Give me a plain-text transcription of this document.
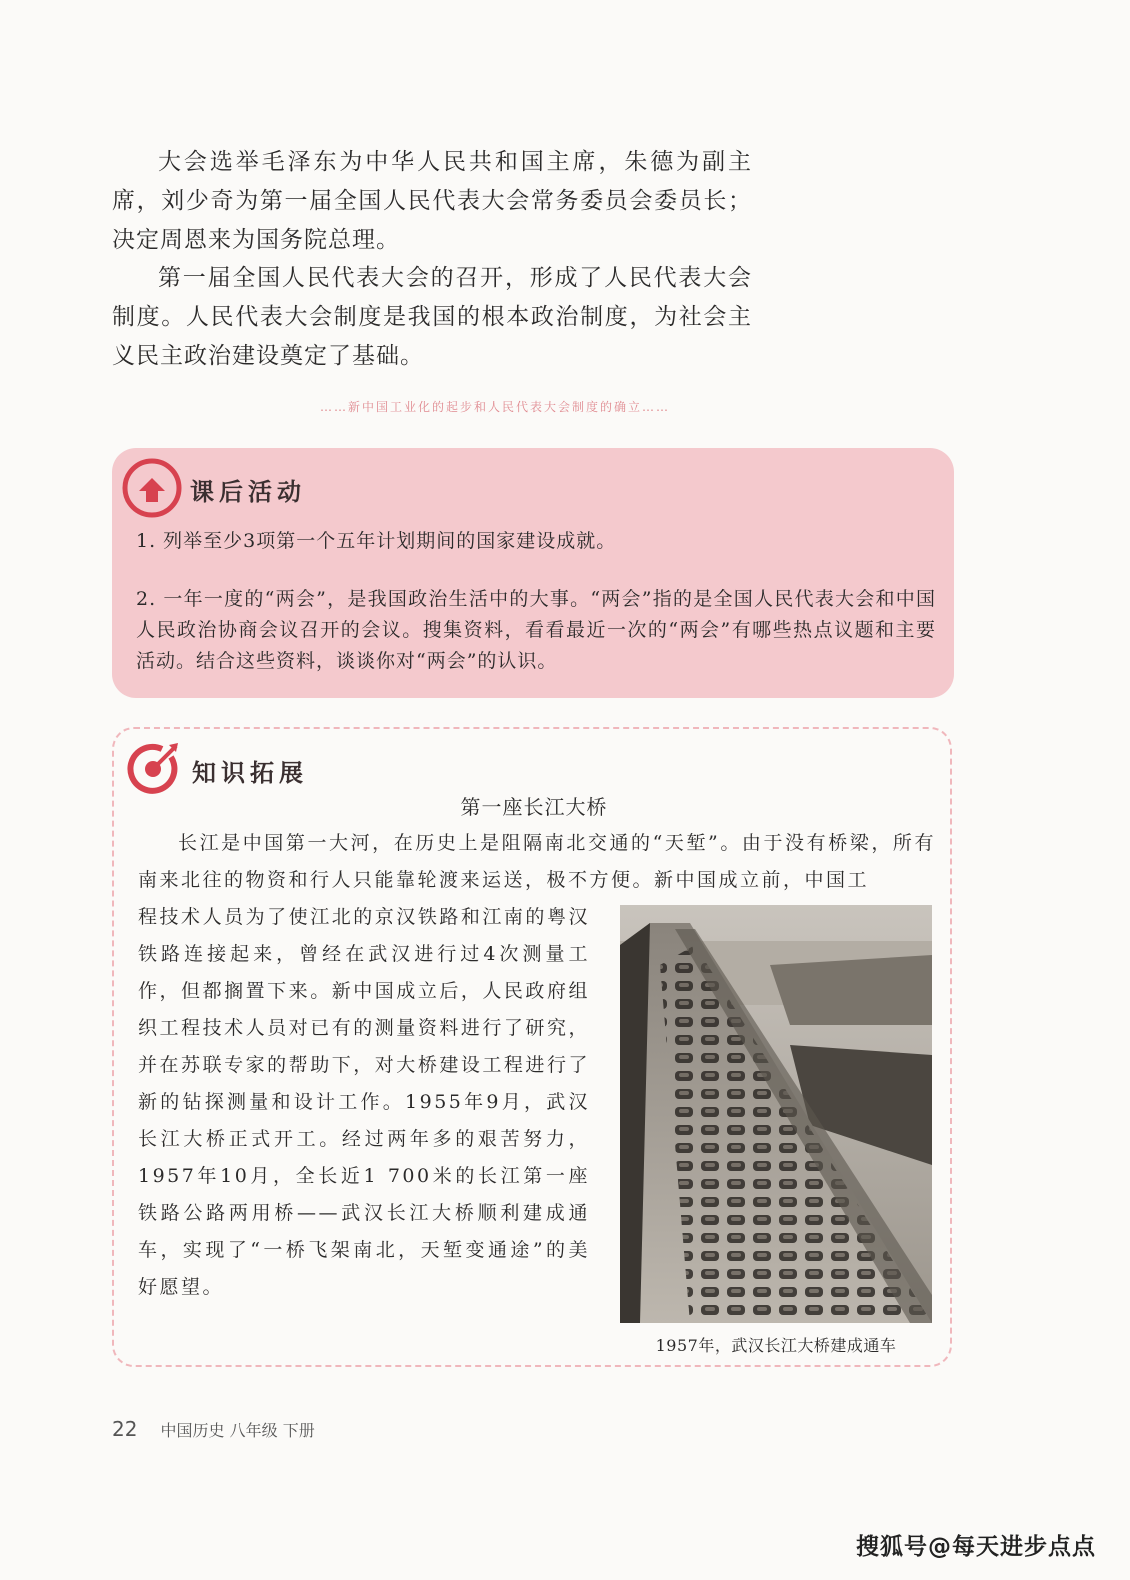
大会选举毛泽东为中华人民共和国主席，朱德为副主席，刘少奇为第一届全国人民代表大会常务委员会委员长；决定周恩来为国务院总理。

第一届全国人民代表大会的召开，形成了人民代表大会制度。人民代表大会制度是我国的根本政治制度，为社会主义民主政治建设奠定了基础。

……新中国工业化的起步和人民代表大会制度的确立……
课后活动

1. 列举至少3项第一个五年计划期间的国家建设成就。

2. 一年一度的“两会”，是我国政治生活中的大事。“两会”指的是全国人民代表大会和中国人民政治协商会议召开的会议。搜集资料，看看最近一次的“两会”有哪些热点议题和主要活动。结合这些资料，谈谈你对“两会”的认识。

知识拓展
第一座长江大桥

长江是中国第一大河，在历史上是阻隔南北交通的“天堑”。由于没有桥梁，所有南来北往的物资和行人只能靠轮渡来运送，极不方便。新中国成立前，中国工

程技术人员为了使江北的京汉铁路和江南的粤汉铁路连接起来，曾经在武汉进行过4次测量工作，但都搁置下来。新中国成立后，人民政府组织工程技术人员对已有的测量资料进行了研究，并在苏联专家的帮助下，对大桥建设工程进行了新的钻探测量和设计工作。1955年9月，武汉长江大桥正式开工。经过两年多的艰苦努力，1957年10月，全长近1 700米的长江第一座铁路公路两用桥——武汉长江大桥顺利建成通车，实现了“一桥飞架南北，天堑变通途”的美好愿望。

1957年，武汉长江大桥建成通车
22 中国历史 八年级 下册
搜狐号@每天进步点点
